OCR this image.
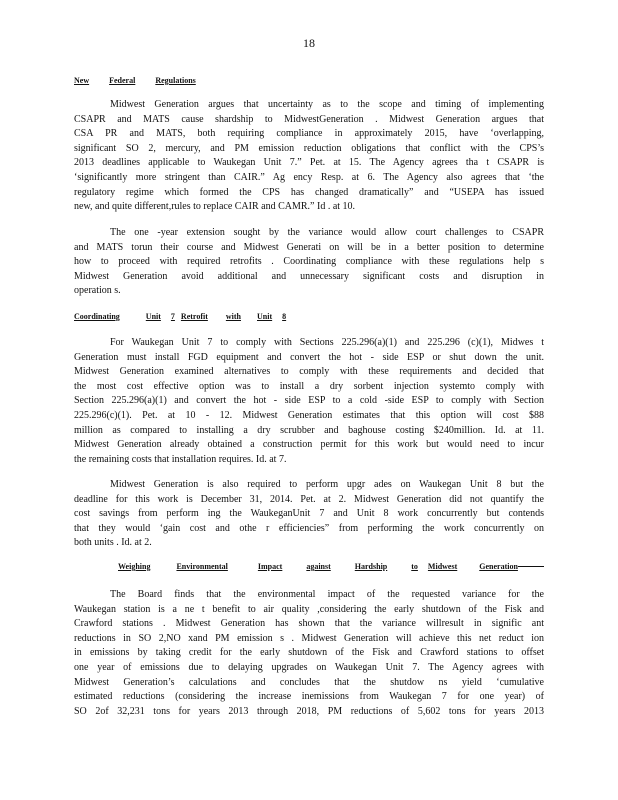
18
New	Federal	Regulations
Midwest Generation argues that uncertainty as to the scope and timing of implementing
CSAPR and MATS cause shardship to MidwestGeneration . Midwest Generation argues that
CSA PR and MATS, both requiring compliance in approximately 2015, have ‘overlapping,
significant SO 2, mercury, and PM emission reduction obligations that conflict with the CPS’s
2013 deadlines applicable to Waukegan Unit 7.” Pet. at 15. The Agency agrees tha t CSAPR is
‘significantly more stringent than CAIR.” Ag ency Resp. at 6. The Agency also agrees that ‘the
regulatory regime which formed the CPS has changed dramatically” and “USEPA has issued
new, and quite different,rules to replace CAIR and CAMR.” Id . at 10.
The one -year extension sought by the variance would allow court challenges to CSAPR
and MATS torun their course and Midwest Generati on will be in a better position to determine
how to proceed with required retrofits . Coordinating compliance with these regulations help s
Midwest Generation avoid additional and unnecessary significant costs and disruption in
operation s.
Coordinating	Unit 7 Retrofit with Unit 8
For Waukegan Unit 7 to comply with Sections 225.296(a)(1) and 225.296 (c)(1), Midwes t
Generation must install FGD equipment and convert the hot - side ESP or shut down the unit.
Midwest Generation examined alternatives to comply with these requirements and decided that
the most cost effective option was to install a dry sorbent injection systemto comply with
Section 225.296(a)(1) and convert the hot - side ESP to a cold -side ESP to comply with Section
225.296(c)(1). Pet. at 10 - 12. Midwest Generation estimates that this option will cost $88
million as compared to installing a dry scrubber and baghouse costing $240million. Id. at 11.
Midwest Generation already obtained a construction permit for this work but would need to incur
the remaining costs that installation requires. Id. at 7.
Midwest Generation is also required to perform upgr ades on Waukegan Unit 8 but the
deadline for this work is December 31, 2014. Pet. at 2. Midwest Generation did not quantify the
cost savings from perform ing the WaukeganUnit 7 and Unit 8 work concurrently but contends
that they would ‘gain cost and othe r efficiencies” from performing the work concurrently on
both units . Id. at 2.
Weighing	Environmental	Impact	against	Hardship	to Midwest	Generation
The Board finds that the environmental impact of the requested variance for the
Waukegan station is a ne t benefit to air quality ,considering the early shutdown of the Fisk and
Crawford stations . Midwest Generation has shown that the variance willresult in signific ant
reductions in SO 2,NO xand PM emission s . Midwest Generation will achieve this net reduct ion
in emissions by taking credit for the early shutdown of the Fisk and Crawford stations to offset
one year of emissions due to delaying upgrades on Waukegan Unit 7. The Agency agrees with
Midwest Generation’s calculations and concludes that the shutdow ns yield ‘cumulative
estimated reductions (considering the increase inemissions from Waukegan 7 for one year) of
SO 2of 32,231 tons for years 2013 through 2018, PM reductions of 5,602 tons for years 2013
